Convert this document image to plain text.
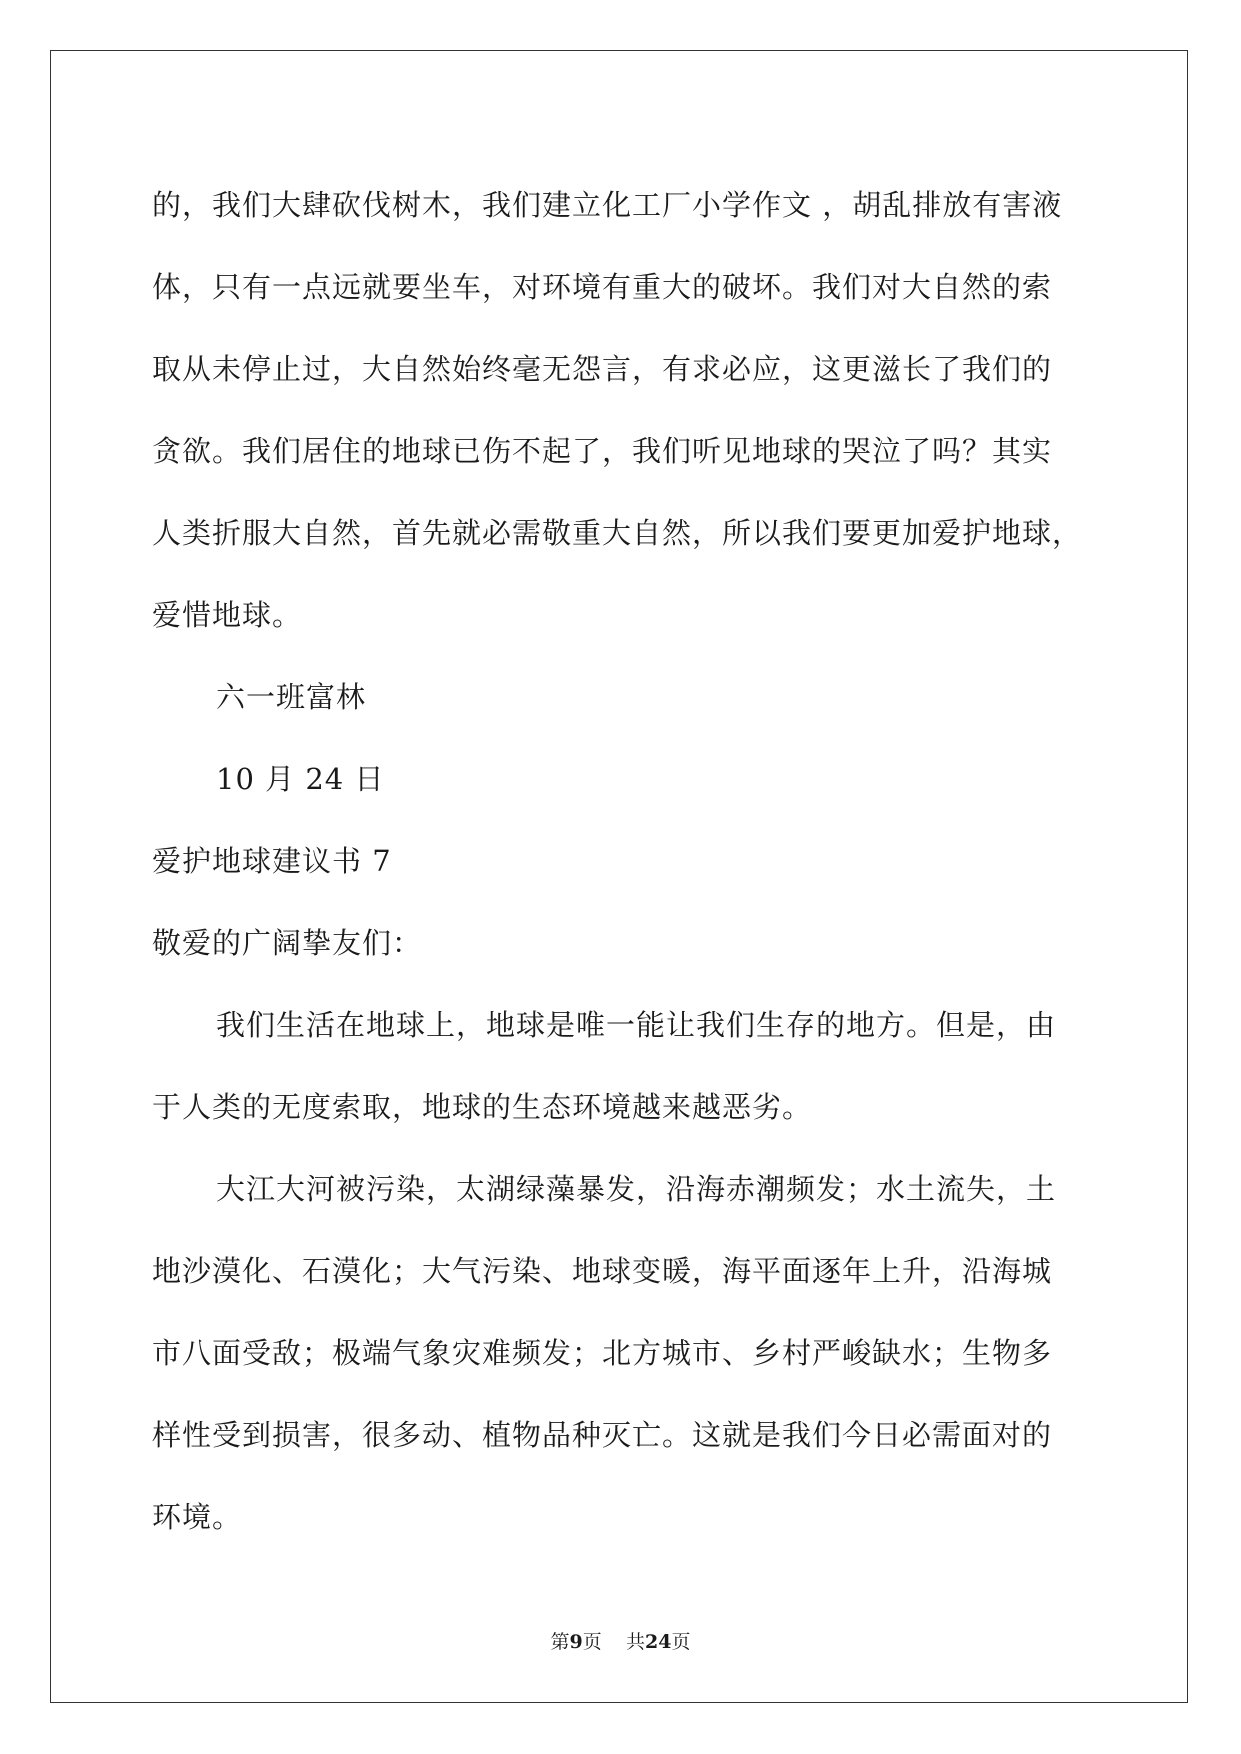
的，我们大肆砍伐树木，我们建立化工厂小学作文 ，胡乱排放有害液

体，只有一点远就要坐车，对环境有重大的破坏。我们对大自然的索

取从未停止过，大自然始终毫无怨言，有求必应，这更滋长了我们的

贪欲。我们居住的地球已伤不起了，我们听见地球的哭泣了吗？其实

人类折服大自然，首先就必需敬重大自然，所以我们要更加爱护地球，

爱惜地球。

六一班富林

10 月 24 日

爱护地球建议书 7

敬爱的广阔挚友们：

我们生活在地球上，地球是唯一能让我们生存的地方。但是，由

于人类的无度索取，地球的生态环境越来越恶劣。

大江大河被污染，太湖绿藻暴发，沿海赤潮频发；水土流失，土

地沙漠化、石漠化；大气污染、地球变暖，海平面逐年上升，沿海城

市八面受敌；极端气象灾难频发；北方城市、乡村严峻缺水；生物多

样性受到损害，很多动、植物品种灭亡。这就是我们今日必需面对的

环境。

第9页 共24页
